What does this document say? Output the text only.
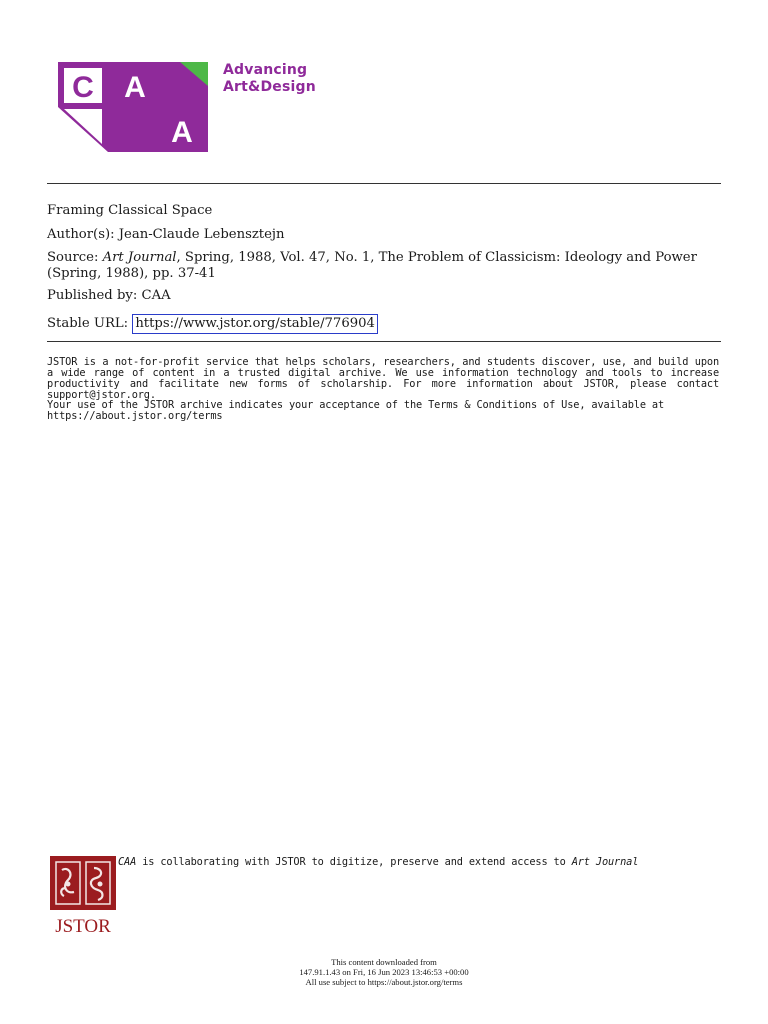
C A
A
Advancing
Art&Design
Framing Classical Space
Author(s): Jean-Claude Lebensztejn
Source: Art Journal, Spring, 1988, Vol. 47, No. 1, The Problem of Classicism: Ideology and Power (Spring, 1988), pp. 37-41
Published by: CAA
Stable URL: https://www.jstor.org/stable/776904
JSTOR is a not-for-profit service that helps scholars, researchers, and students discover, use, and build upon a wide range of content in a trusted digital archive. We use information technology and tools to increase productivity and facilitate new forms of scholarship. For more information about JSTOR, please contact support@jstor.org.
Your use of the JSTOR archive indicates your acceptance of the Terms & Conditions of Use, available at
https://about.jstor.org/terms
JSTOR
CAA is collaborating with JSTOR to digitize, preserve and extend access to Art Journal
This content downloaded from
147.91.1.43 on Fri, 16 Jun 2023 13:46:53 +00:00
All use subject to https://about.jstor.org/terms
